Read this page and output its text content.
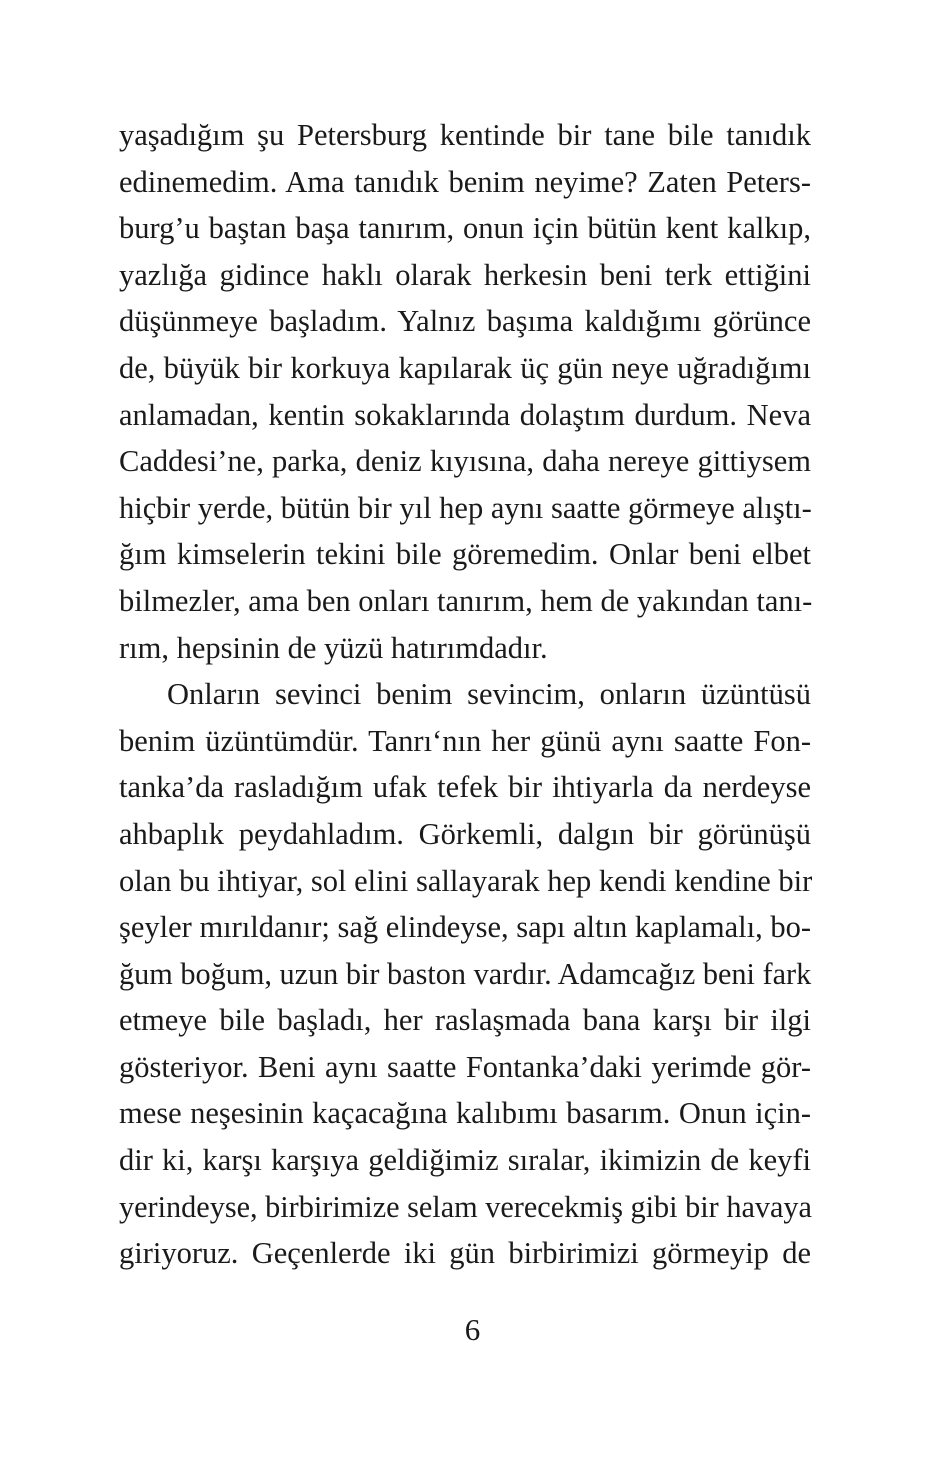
yaşadığım şu Petersburg kentinde bir tane bile tanıdık
edinemedim. Ama tanıdık benim neyime? Zaten Peters-
burg’u baştan başa tanırım, onun için bütün kent kalkıp,
yazlığa gidince haklı olarak herkesin beni terk ettiğini
düşünmeye başladım. Yalnız başıma kaldığımı görünce
de, büyük bir korkuya kapılarak üç gün neye uğradığımı
anlamadan, kentin sokaklarında dolaştım durdum. Neva
Caddesi’ne, parka, deniz kıyısına, daha nereye gittiysem
hiçbir yerde, bütün bir yıl hep aynı saatte görmeye alıştı-
ğım kimselerin tekini bile göremedim. Onlar beni elbet
bilmezler, ama ben onları tanırım, hem de yakından tanı-
rım, hepsinin de yüzü hatırımdadır.
Onların sevinci benim sevincim, onların üzüntüsü
benim üzüntümdür. Tanrı‘nın her günü aynı saatte Fon-
tanka’da rasladığım ufak tefek bir ihtiyarla da nerdeyse
ahbaplık peydahladım. Görkemli, dalgın bir görünüşü
olan bu ihtiyar, sol elini sallayarak hep kendi kendine bir
şeyler mırıldanır; sağ elindeyse, sapı altın kaplamalı, bo-
ğum boğum, uzun bir baston vardır. Adamcağız beni fark
etmeye bile başladı, her raslaşmada bana karşı bir ilgi
gösteriyor. Beni aynı saatte Fontanka’daki yerimde gör-
mese neşesinin kaçacağına kalıbımı basarım. Onun için-
dir ki, karşı karşıya geldiğimiz sıralar, ikimizin de keyfi
yerindeyse, birbirimize selam verecekmiş gibi bir havaya
giriyoruz. Geçenlerde iki gün birbirimizi görmeyip de
6
